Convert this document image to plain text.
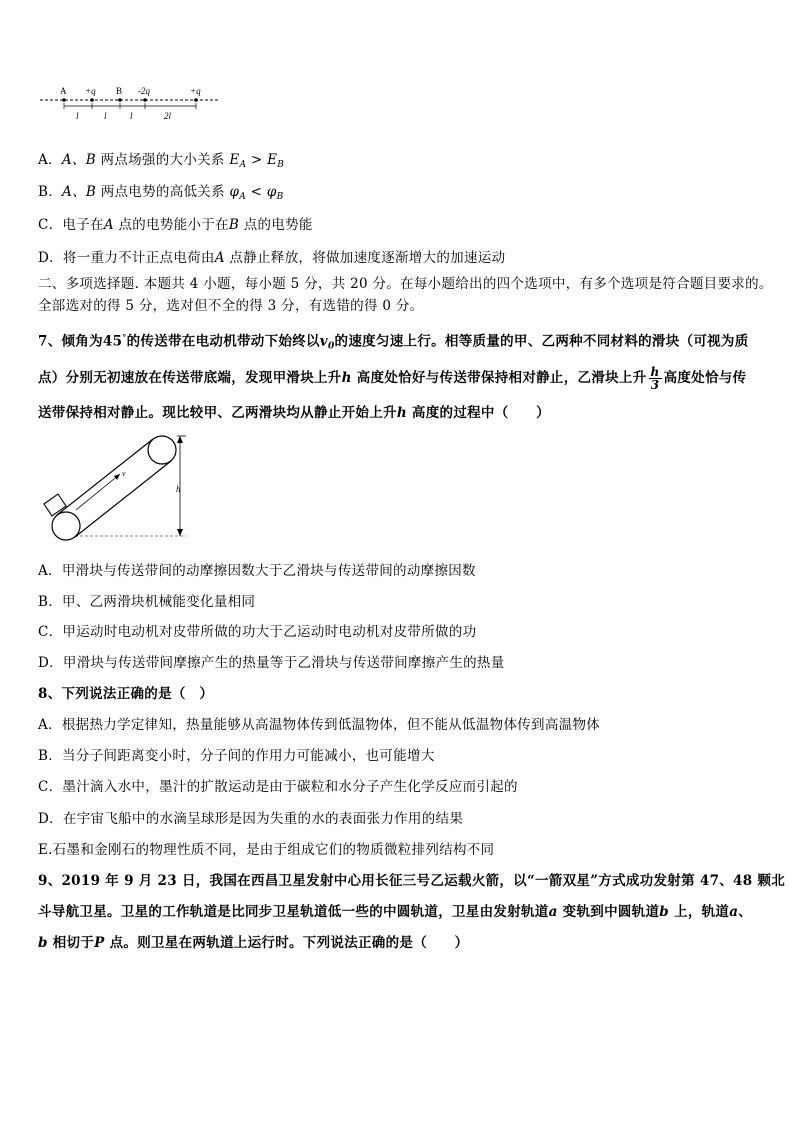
A +q B -2q	+q
l	l	l	2l
A．A、B 两点场强的大小关系 $E_A > E_B$
B．A、B 两点电势的高低关系 $\varphi_A < \varphi_B$
C．电子在A 点的电势能小于在B 点的电势能
D．将一重力不计正点电荷由A 点静止释放，将做加速度逐渐增大的加速运动
二、多项选择题. 本题共 4 小题，每小题 5 分，共 20 分。在每小题给出的四个选项中，有多个选项是符合题目要求的。
全部选对的得 5 分，选对但不全的得 3 分，有选错的得 0 分。
7、倾角为45°的传送带在电动机带动下始终以$v_0$的速度匀速上行。相等质量的甲、乙两种不同材料的滑块（可视为质
点）分别无初速放在传送带底端，发现甲滑块上升h 高度处恰好与传送带保持相对静止，乙滑块上升 $\frac{h}{3}$ 高度处恰与传
送带保持相对静止。现比较甲、乙两滑块均从静止开始上升h 高度的过程中（　　）
v
h
A．甲滑块与传送带间的动摩擦因数大于乙滑块与传送带间的动摩擦因数
B．甲、乙两滑块机械能变化量相同
C．甲运动时电动机对皮带所做的功大于乙运动时电动机对皮带所做的功
D．甲滑块与传送带间摩擦产生的热量等于乙滑块与传送带间摩擦产生的热量
8、下列说法正确的是（　）
A．根据热力学定律知，热量能够从高温物体传到低温物体，但不能从低温物体传到高温物体
B．当分子间距离变小时，分子间的作用力可能减小，也可能增大
C．墨汁滴入水中，墨汁的扩散运动是由于碳粒和水分子产生化学反应而引起的
D．在宇宙飞船中的水滴呈球形是因为失重的水的表面张力作用的结果
E.石墨和金刚石的物理性质不同，是由于组成它们的物质微粒排列结构不同
9、2019 年 9 月 23 日，我国在西昌卫星发射中心用长征三号乙运载火箭，以“一箭双星”方式成功发射第 47、48 颗北
斗导航卫星。卫星的工作轨道是比同步卫星轨道低一些的中圆轨道，卫星由发射轨道a 变轨到中圆轨道b 上，轨道a、
b 相切于P 点。则卫星在两轨道上运行时。下列说法正确的是（　　）
